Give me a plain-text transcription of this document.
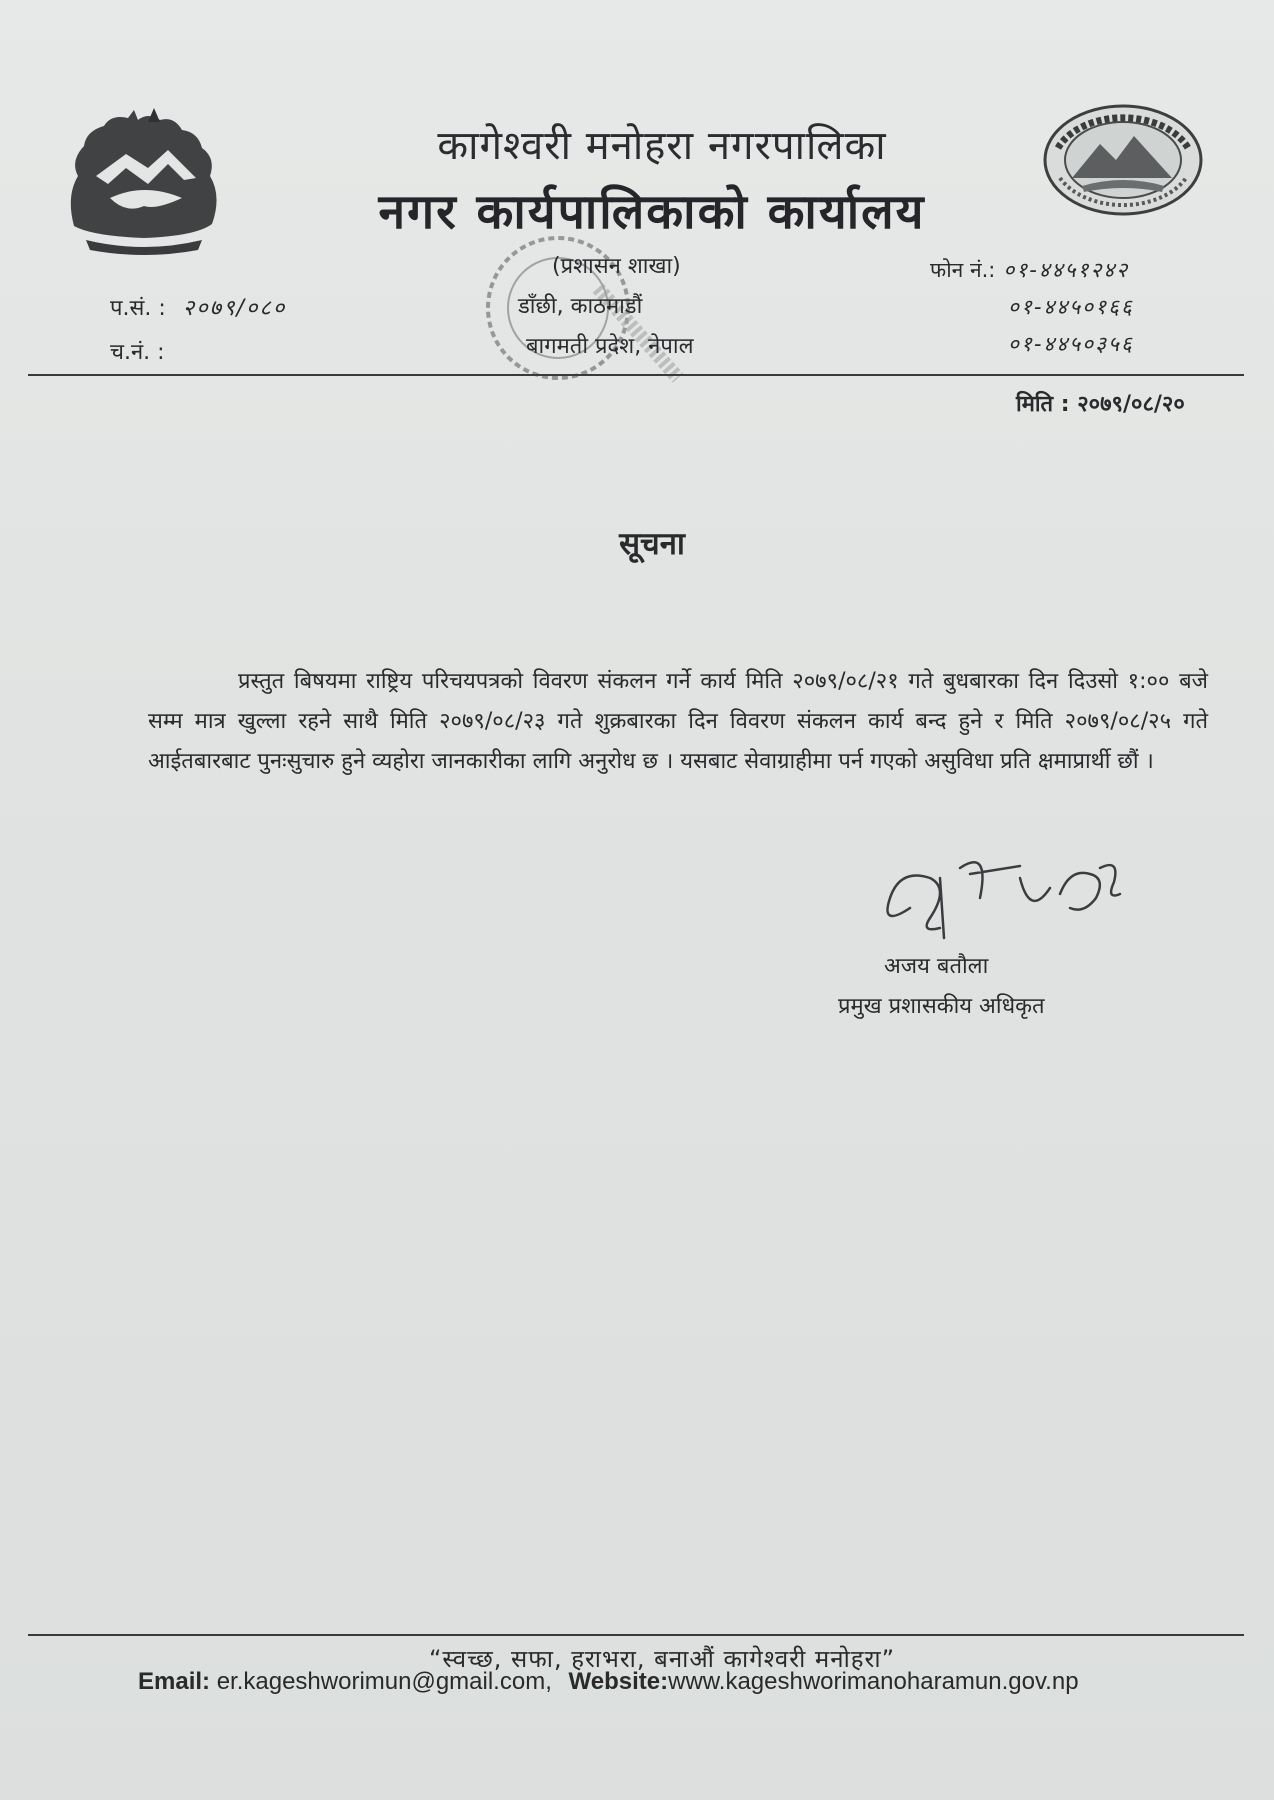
कागेश्वरी मनोहरा नगरपालिका
नगर कार्यपालिकाको कार्यालय
(प्रशासन शाखा)
डाँछी, काठमाडौं
बागमती प्रदेश, नेपाल
प.सं. : २०७९/०८०
च.नं. :
फोन नं.: ०१-४४५१२४२
०१-४४५०१६६
०१-४४५०३५६
मिति : २०७९/०८/२०
सूचना
प्रस्तुत बिषयमा राष्ट्रिय परिचयपत्रको विवरण संकलन गर्ने कार्य मिति २०७९/०८/२१ गते बुधबारका दिन दिउसो १:०० बजे सम्म मात्र खुल्ला रहने साथै मिति २०७९/०८/२३ गते शुक्रबारका दिन विवरण संकलन कार्य बन्द हुने र मिति २०७९/०८/२५ गते आईतबारबाट पुनःसुचारु हुने व्यहोरा जानकारीका लागि अनुरोध छ । यसबाट सेवाग्राहीमा पर्न गएको असुविधा प्रति क्षमाप्रार्थी छौं ।
अजय बतौला
प्रमुख प्रशासकीय अधिकृत
“स्वच्छ, सफा, हराभरा, बनाऔं कागेश्वरी मनोहरा”
Email: er.kageshworimun@gmail.com, Website:www.kageshworimanoharamun.gov.np
